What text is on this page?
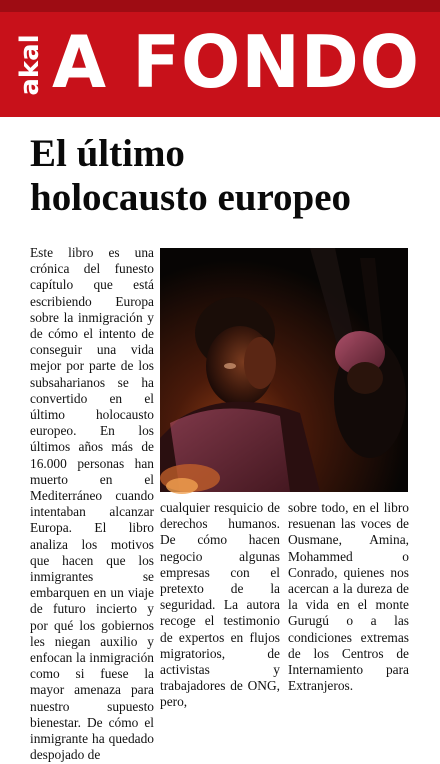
akal A FONDO
El último
holocausto europeo

Este libro es una crónica del funesto capítulo que está escribiendo Europa sobre la inmigración y de cómo el intento de conseguir una vida mejor por parte de los subsaharianos se ha convertido en el último holocausto europeo. En los últimos años más de 16.000 personas han muerto en el Mediterráneo cuando intentaban alcanzar Europa. El libro analiza los motivos que hacen que los inmigrantes se embarquen en un viaje de futuro incierto y por qué los gobiernos les niegan auxilio y enfocan la inmigración como si fuese la mayor amenaza para nuestro supuesto bienestar. De cómo el inmigrante ha quedado despojado de

cualquier resquicio de derechos humanos. De cómo hacen negocio algunas empresas con el pretexto de la seguridad. La autora recoge el testimonio de expertos en flujos migratorios, de activistas y trabajadores de ONG, pero,

sobre todo, en el libro resuenan las voces de Ousmane, Amina, Mohammed o Conrado, quienes nos acercan a la dureza de la vida en el monte Gurugú o a las condiciones extremas de los Centros de Internamiento para Extranjeros.
